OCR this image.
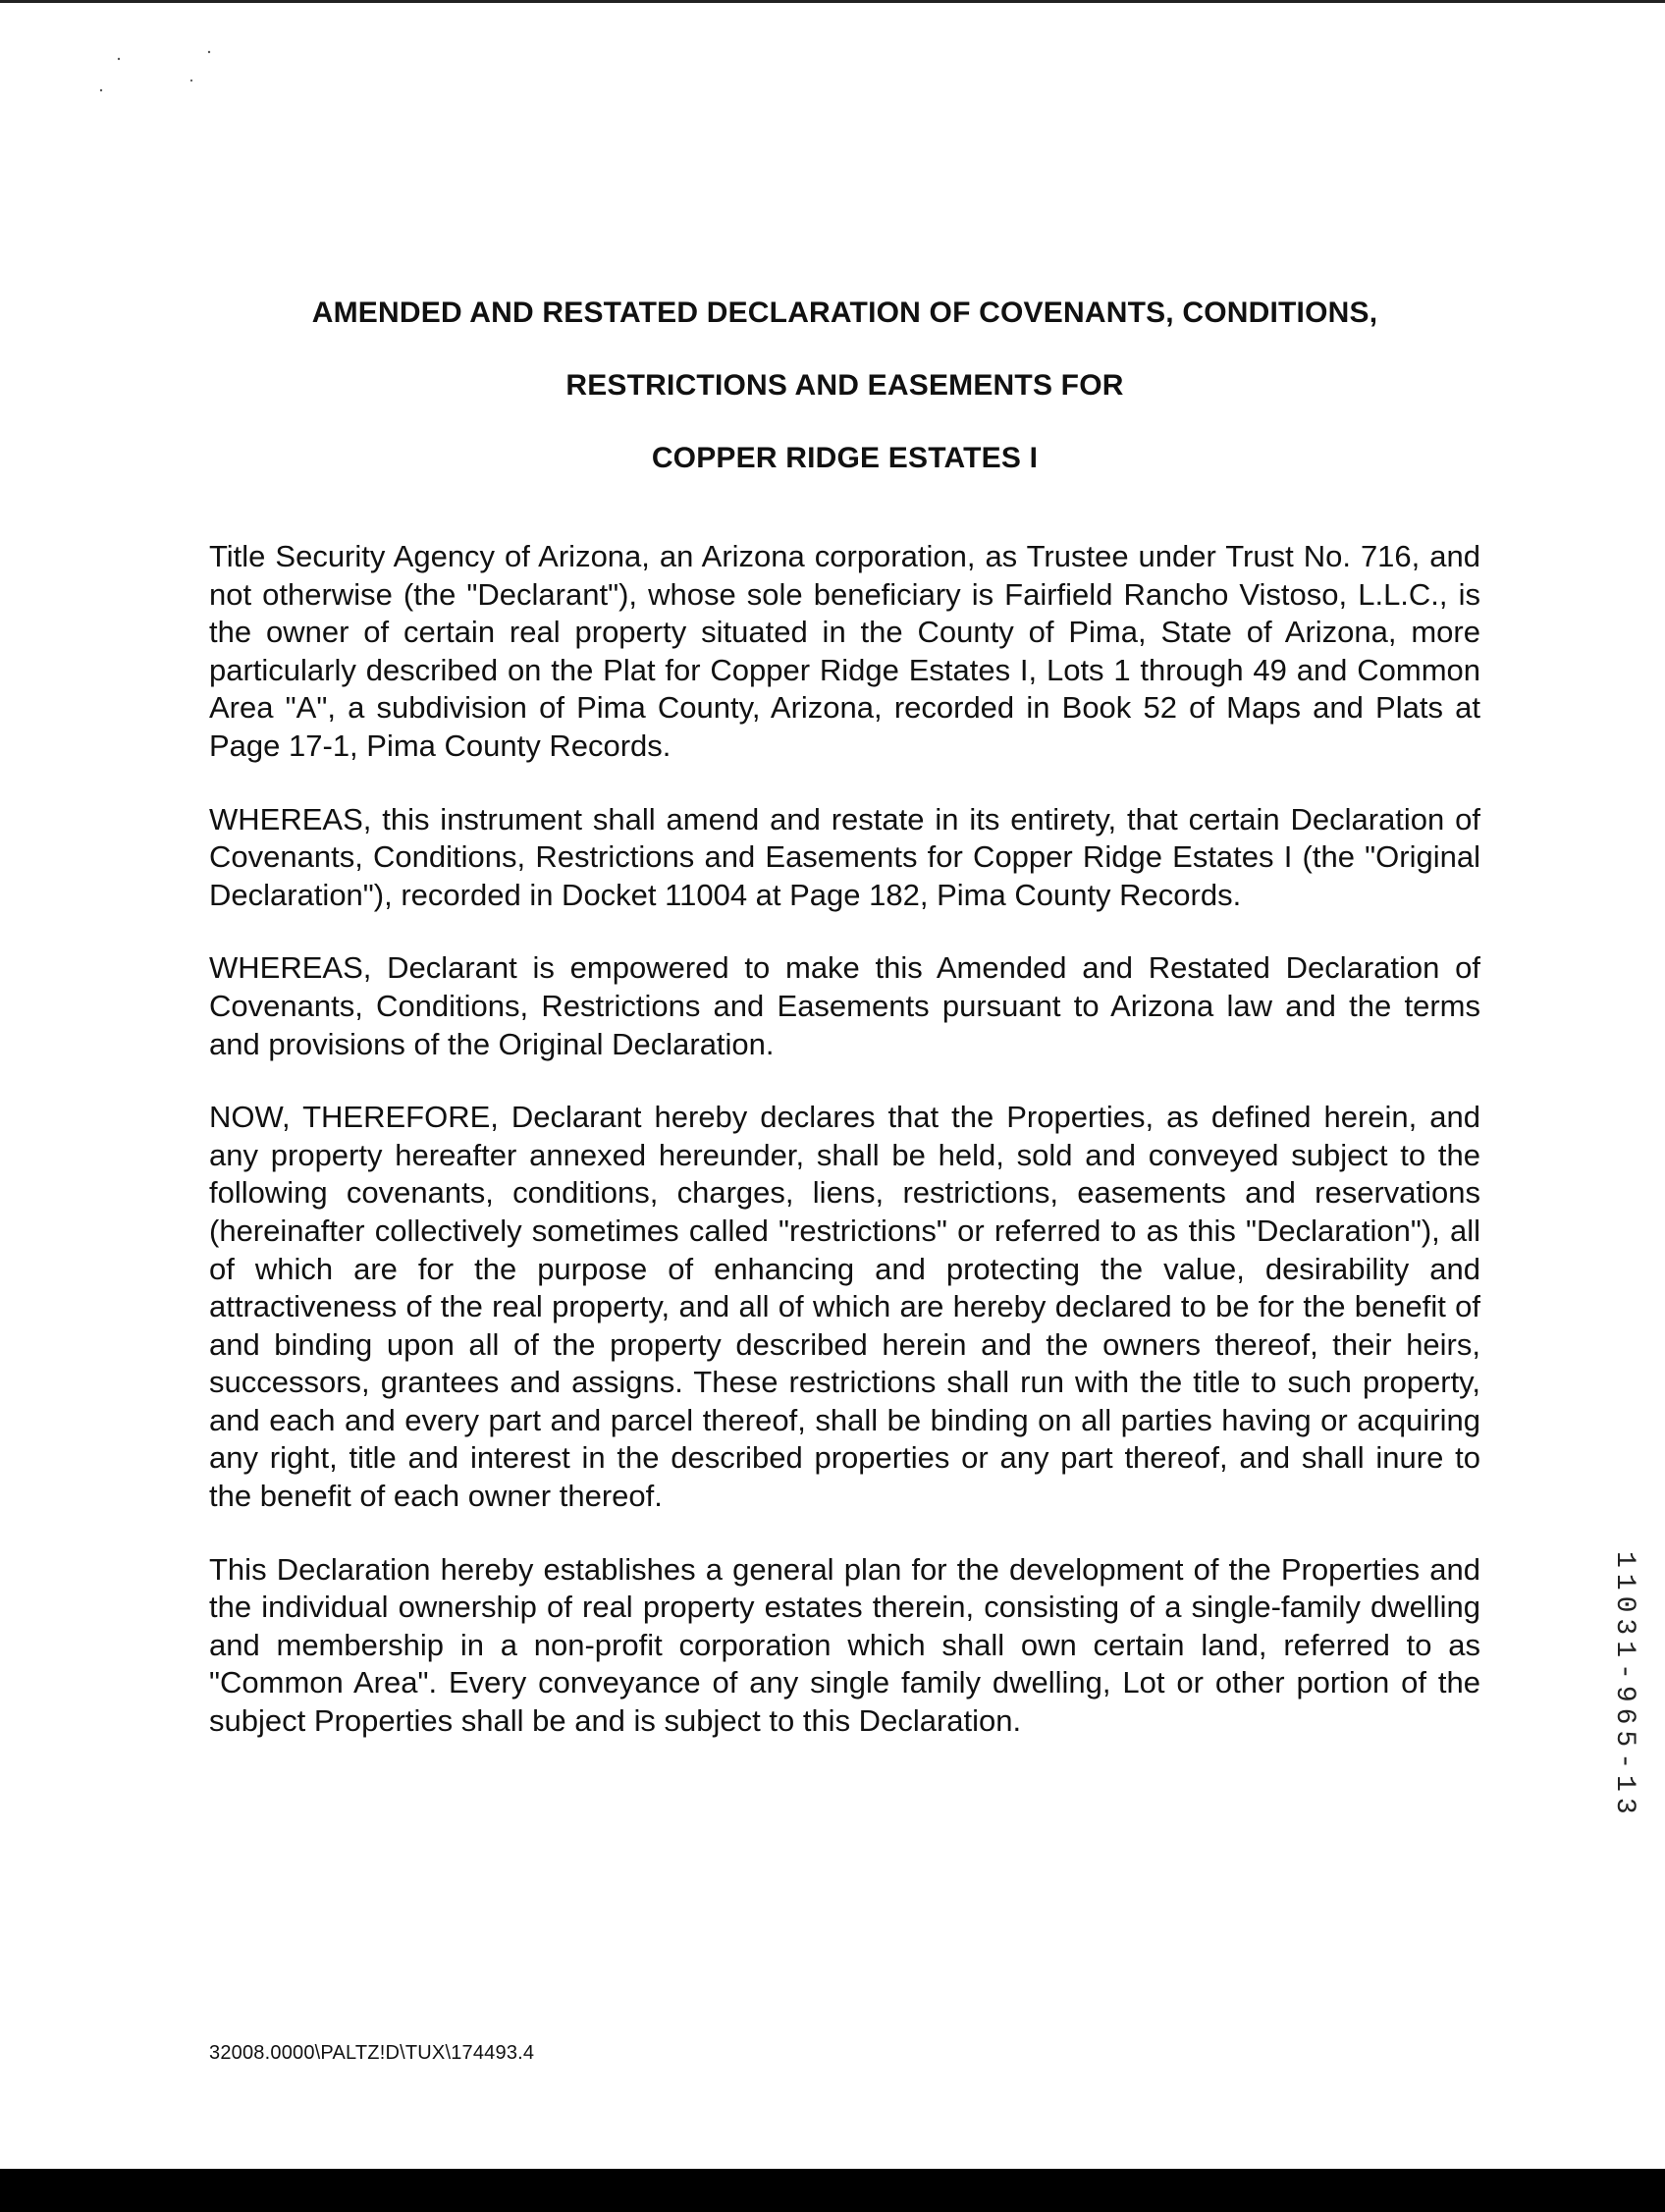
AMENDED AND RESTATED DECLARATION OF COVENANTS, CONDITIONS,
RESTRICTIONS AND EASEMENTS FOR
COPPER RIDGE ESTATES I

Title Security Agency of Arizona, an Arizona corporation, as Trustee under Trust No. 716, and not otherwise (the "Declarant"), whose sole beneficiary is Fairfield Rancho Vistoso, L.L.C., is the owner of certain real property situated in the County of Pima, State of Arizona, more particularly described on the Plat for Copper Ridge Estates I, Lots 1 through 49 and Common Area "A", a subdivision of Pima County, Arizona, recorded in Book 52 of Maps and Plats at Page 17-1, Pima County Records.

WHEREAS, this instrument shall amend and restate in its entirety, that certain Declaration of Covenants, Conditions, Restrictions and Easements for Copper Ridge Estates I (the "Original Declaration"), recorded in Docket 11004 at Page 182, Pima County Records.

WHEREAS, Declarant is empowered to make this Amended and Restated Declaration of Covenants, Conditions, Restrictions and Easements pursuant to Arizona law and the terms and provisions of the Original Declaration.

NOW, THEREFORE, Declarant hereby declares that the Properties, as defined herein, and any property hereafter annexed hereunder, shall be held, sold and conveyed subject to the following covenants, conditions, charges, liens, restrictions, easements and reservations (hereinafter collectively sometimes called "restrictions" or referred to as this "Declaration"), all of which are for the purpose of enhancing and protecting the value, desirability and attractiveness of the real property, and all of which are hereby declared to be for the benefit of and binding upon all of the property described herein and the owners thereof, their heirs, successors, grantees and assigns. These restrictions shall run with the title to such property, and each and every part and parcel thereof, shall be binding on all parties having or acquiring any right, title and interest in the described properties or any part thereof, and shall inure to the benefit of each owner thereof.

This Declaration hereby establishes a general plan for the development of the Properties and the individual ownership of real property estates therein, consisting of a single-family dwelling and membership in a non-profit corporation which shall own certain land, referred to as "Common Area". Every conveyance of any single family dwelling, Lot or other portion of the subject Properties shall be and is subject to this Declaration.	11031-965-13
32008.0000\PALTZ!D\TUX\174493.4
